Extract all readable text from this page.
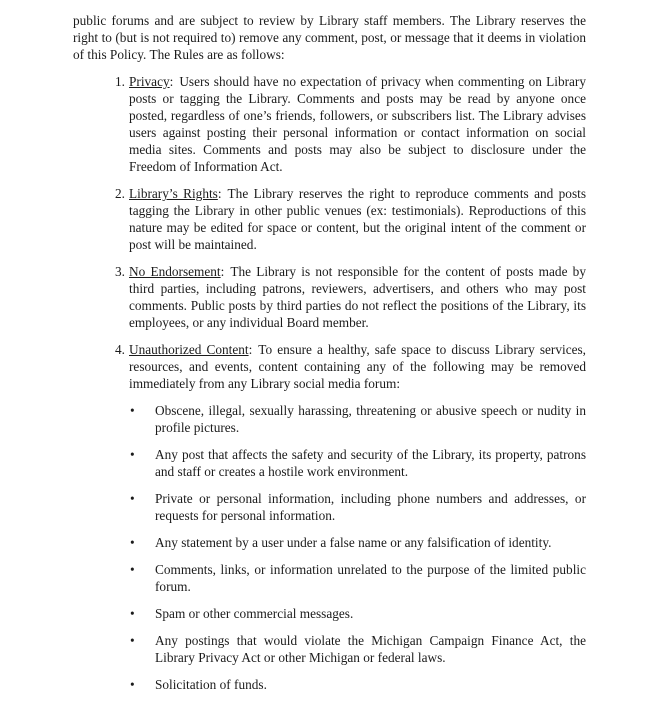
public forums and are subject to review by Library staff members. The Library reserves the right to (but is not required to) remove any comment, post, or message that it deems in violation of this Policy. The Rules are as follows:

1. Privacy: Users should have no expectation of privacy when commenting on Library posts or tagging the Library. Comments and posts may be read by anyone once posted, regardless of one’s friends, followers, or subscribers list. The Library advises users against posting their personal information or contact information on social media sites. Comments and posts may also be subject to disclosure under the Freedom of Information Act.
2. Library’s Rights: The Library reserves the right to reproduce comments and posts tagging the Library in other public venues (ex: testimonials). Reproductions of this nature may be edited for space or content, but the original intent of the comment or post will be maintained.
3. No Endorsement: The Library is not responsible for the content of posts made by third parties, including patrons, reviewers, advertisers, and others who may post comments. Public posts by third parties do not reflect the positions of the Library, its employees, or any individual Board member.
4. Unauthorized Content: To ensure a healthy, safe space to discuss Library services, resources, and events, content containing any of the following may be removed immediately from any Library social media forum:
• Obscene, illegal, sexually harassing, threatening or abusive speech or nudity in profile pictures.
• Any post that affects the safety and security of the Library, its property, patrons and staff or creates a hostile work environment.
• Private or personal information, including phone numbers and addresses, or requests for personal information.
• Any statement by a user under a false name or any falsification of identity.
• Comments, links, or information unrelated to the purpose of the limited public forum.
• Spam or other commercial messages.
• Any postings that would violate the Michigan Campaign Finance Act, the Library Privacy Act or other Michigan or federal laws.
• Solicitation of funds.
